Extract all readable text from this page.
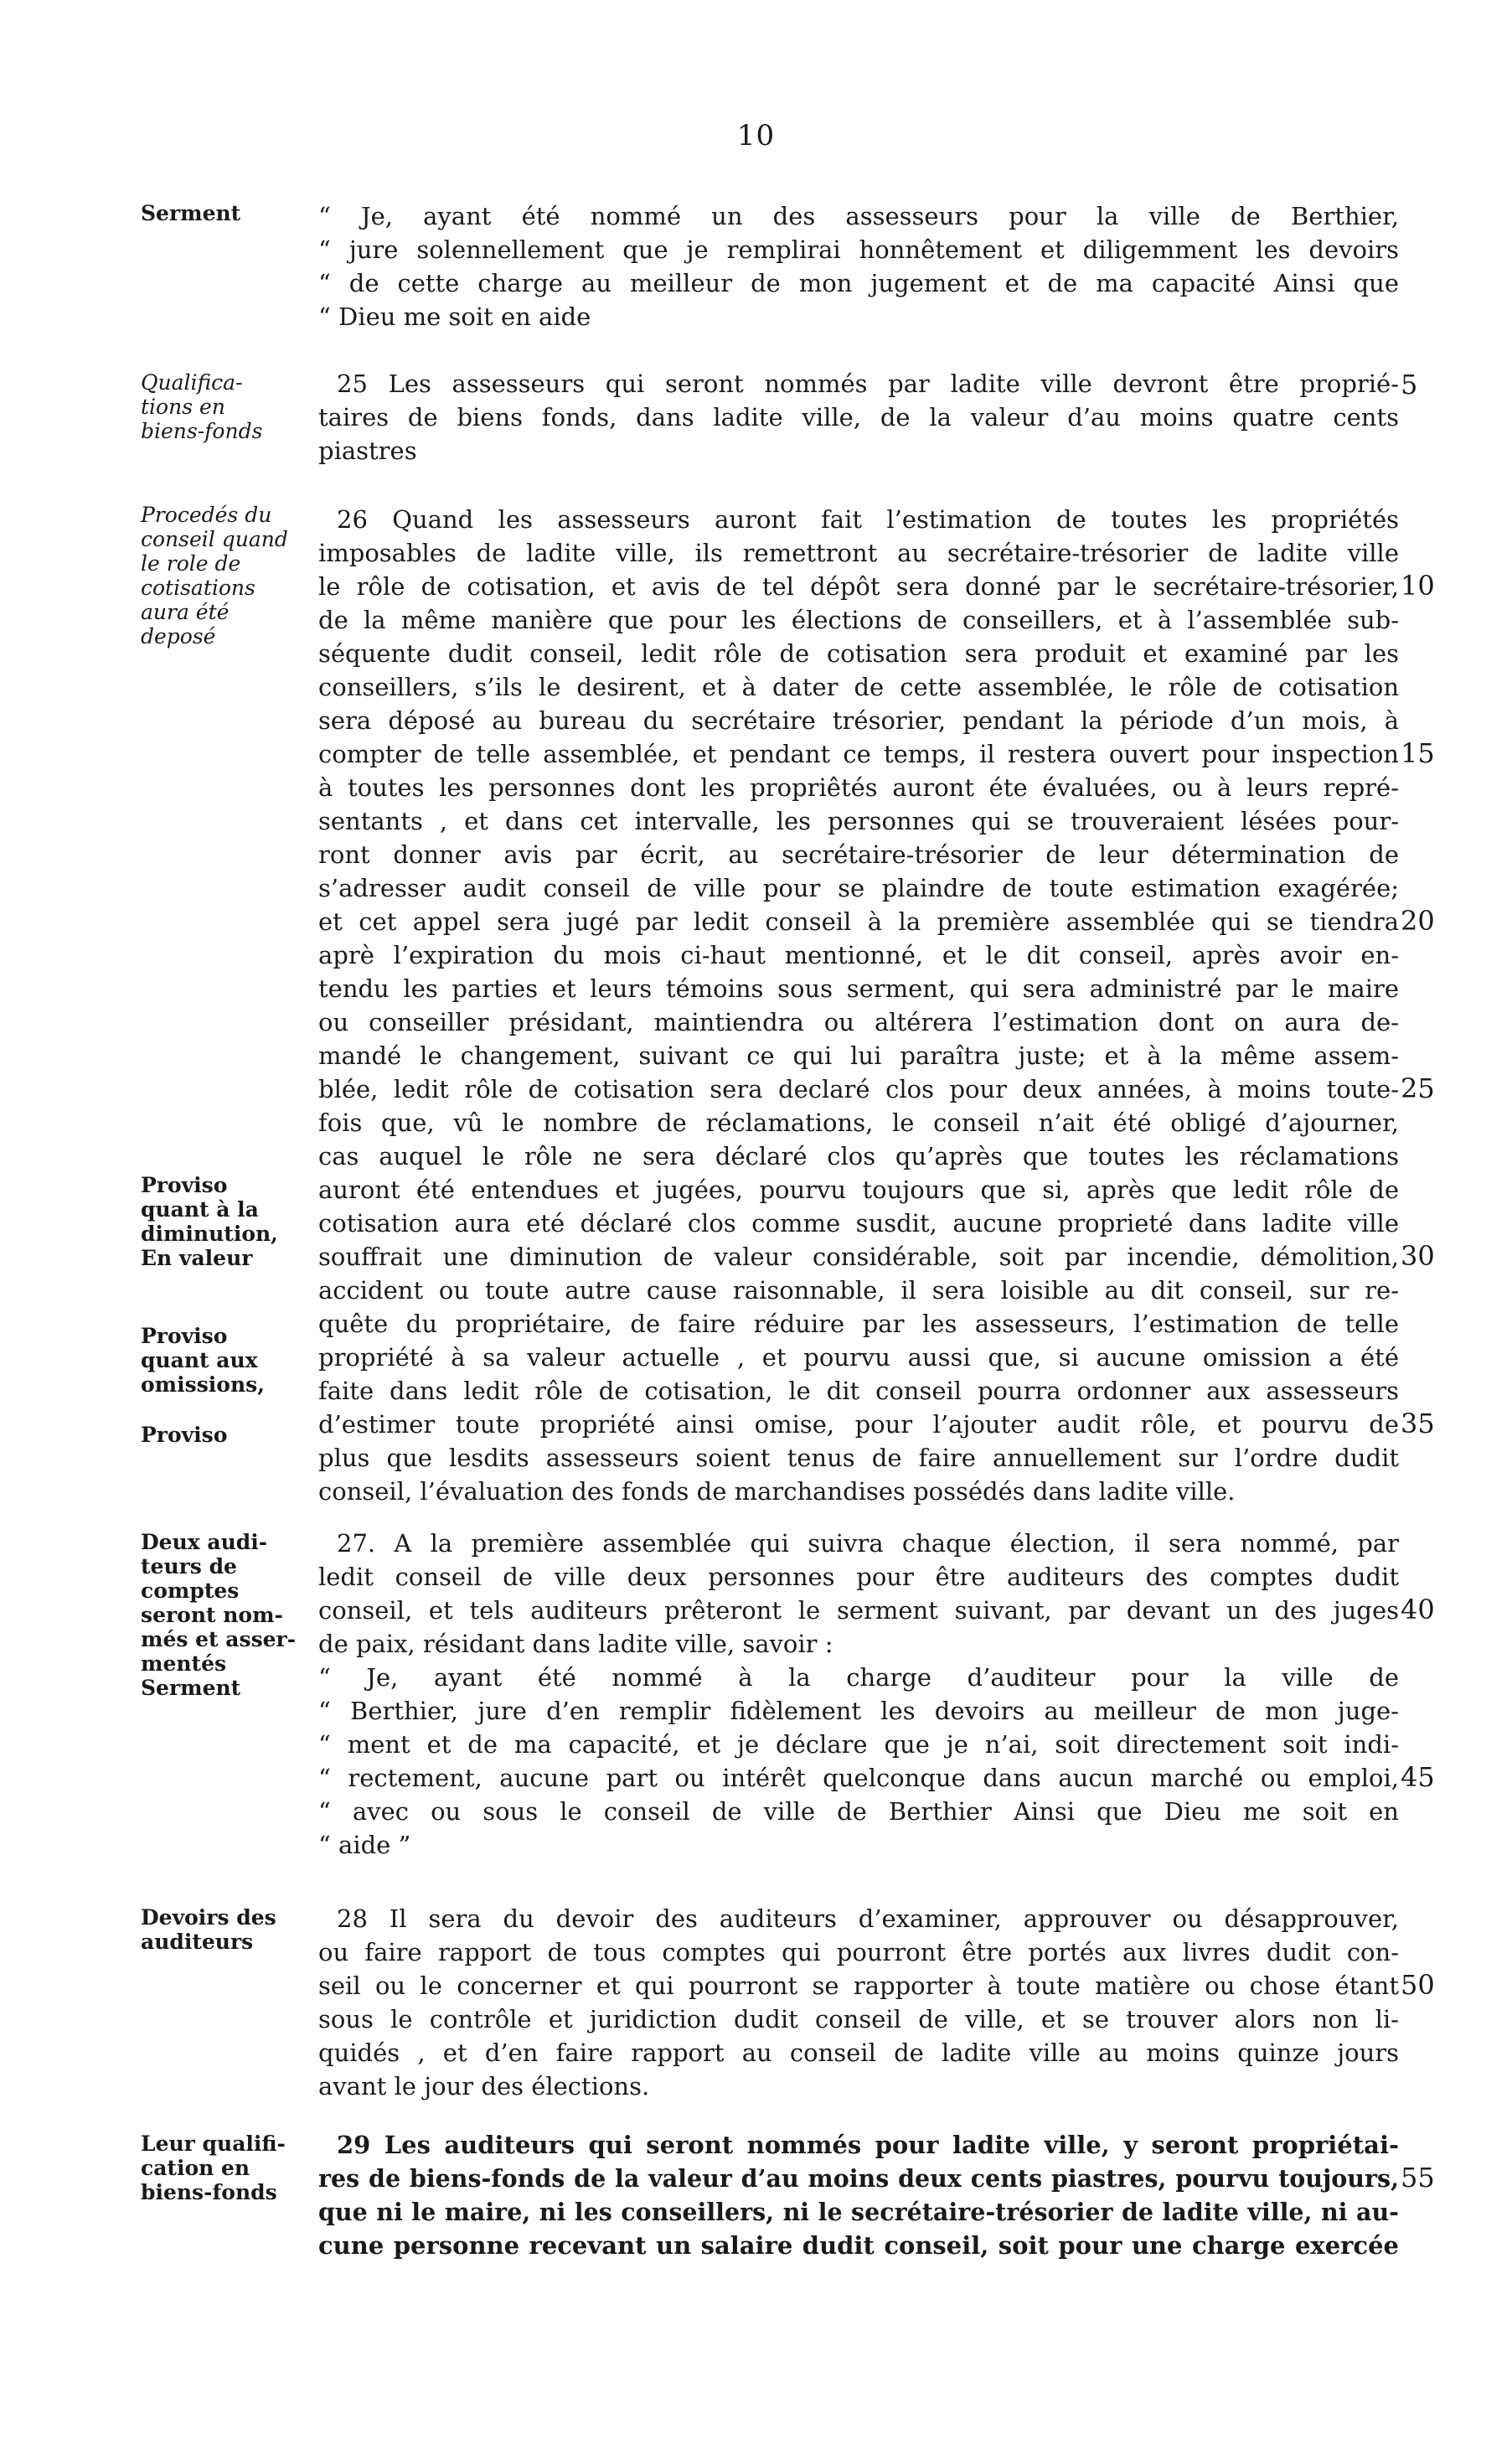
10
Serment	“ Je, ayant été nommé un des assesseurs pour la ville de Berthier,
“ jure solennellement que je remplirai honnêtement et diligemment les devoirs
“ de cette charge au meilleur de mon jugement et de ma capacité Ainsi que
“ Dieu me soit en aide
Qualifica-
tions en
biens-fonds
25 Les assesseurs qui seront nommés par ladite ville devront être proprié-
taires de biens fonds, dans ladite ville, de la valeur d’au moins quatre cents
piastres
Procedés du
conseil quand
le role de
cotisations
aura été
deposé
Proviso
quant à la
diminution,
En valeur
Proviso
quant aux
omissions,
Proviso
26 Quand les assesseurs auront fait l’estimation de toutes les propriétés
imposables de ladite ville, ils remettront au secrétaire-trésorier de ladite ville
le rôle de cotisation, et avis de tel dépôt sera donné par le secrétaire-trésorier,
de la même manière que pour les élections de conseillers, et à l’assemblée sub-
séquente dudit conseil, ledit rôle de cotisation sera produit et examiné par les
conseillers, s’ils le desirent, et à dater de cette assemblée, le rôle de cotisation
sera déposé au bureau du secrétaire trésorier, pendant la période d’un mois, à
compter de telle assemblée, et pendant ce temps, il restera ouvert pour inspection
à toutes les personnes dont les propriêtés auront éte évaluées, ou à leurs repré-
sentants , et dans cet intervalle, les personnes qui se trouveraient lésées pour-
ront donner avis par écrit, au secrétaire-trésorier de leur détermination de
s’adresser audit conseil de ville pour se plaindre de toute estimation exagérée;
et cet appel sera jugé par ledit conseil à la première assemblée qui se tiendra
aprè l’expiration du mois ci-haut mentionné, et le dit conseil, après avoir en-
tendu les parties et leurs témoins sous serment, qui sera administré par le maire
ou conseiller présidant, maintiendra ou altérera l’estimation dont on aura de-
mandé le changement, suivant ce qui lui paraîtra juste; et à la même assem-
blée, ledit rôle de cotisation sera declaré clos pour deux années, à moins toute-
fois que, vû le nombre de réclamations, le conseil n’ait été obligé d’ajourner,
cas auquel le rôle ne sera déclaré clos qu’après que toutes les réclamations
auront été entendues et jugées, pourvu toujours que si, après que ledit rôle de
cotisation aura eté déclaré clos comme susdit, aucune proprieté dans ladite ville
souffrait une diminution de valeur considérable, soit par incendie, démolition,
accident ou toute autre cause raisonnable, il sera loisible au dit conseil, sur re-
quête du propriétaire, de faire réduire par les assesseurs, l’estimation de telle
propriété à sa valeur actuelle , et pourvu aussi que, si aucune omission a été
faite dans ledit rôle de cotisation, le dit conseil pourra ordonner aux assesseurs
d’estimer toute propriété ainsi omise, pour l’ajouter audit rôle, et pourvu de
plus que lesdits assesseurs soient tenus de faire annuellement sur l’ordre dudit
conseil, l’évaluation des fonds de marchandises possédés dans ladite ville.
Deux audi-
teurs de
comptes
seront nom-
més et asser-
mentés
Serment
27. A la première assemblée qui suivra chaque élection, il sera nommé, par
ledit conseil de ville deux personnes pour être auditeurs des comptes dudit
conseil, et tels auditeurs prêteront le serment suivant, par devant un des juges
de paix, résidant dans ladite ville, savoir :
“ Je, ayant été nommé à la charge d’auditeur pour la ville de
“ Berthier, jure d’en remplir fidèlement les devoirs au meilleur de mon juge-
“ ment et de ma capacité, et je déclare que je n’ai, soit directement soit indi-
“ rectement, aucune part ou intérêt quelconque dans aucun marché ou emploi,
“ avec ou sous le conseil de ville de Berthier Ainsi que Dieu me soit en
“ aide ”
Devoirs des
auditeurs
28 Il sera du devoir des auditeurs d’examiner, approuver ou désapprouver,
ou faire rapport de tous comptes qui pourront être portés aux livres dudit con-
seil ou le concerner et qui pourront se rapporter à toute matière ou chose étant
sous le contrôle et juridiction dudit conseil de ville, et se trouver alors non li-
quidés , et d’en faire rapport au conseil de ladite ville au moins quinze jours
avant le jour des élections.
Leur qualifi-
cation en
biens-fonds
29 Les auditeurs qui seront nommés pour ladite ville, y seront propriétai-
res de biens-fonds de la valeur d’au moins deux cents piastres, pourvu toujours,
que ni le maire, ni les conseillers, ni le secrétaire-trésorier de ladite ville, ni au-
cune personne recevant un salaire dudit conseil, soit pour une charge exercée
5
10
15
20
25
30
35
40
45
50
55
